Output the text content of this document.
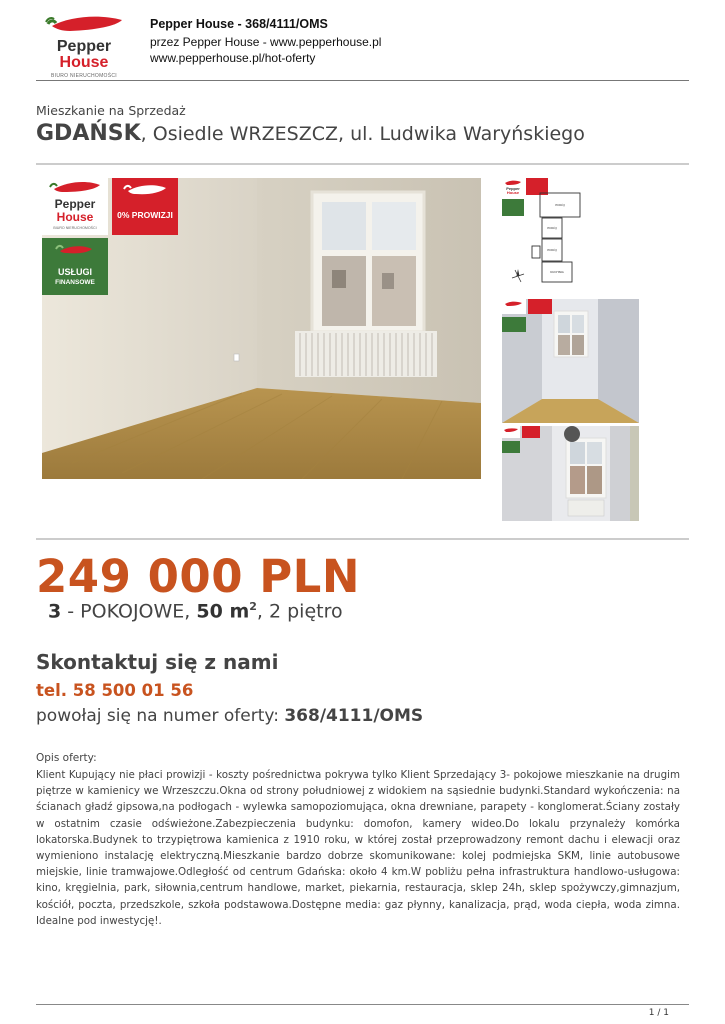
Pepper
House
BIURO NIERUCHOMOŚCI
Pepper House - 368/4111/OMS
przez Pepper House - www.pepperhouse.pl
www.pepperhouse.pl/hot-oferty
Mieszkanie na Sprzedaż
GDAŃSK, Osiedle WRZESZCZ, ul. Ludwika Waryńskiego
Pepper
House
BIURO NIERUCHOMOŚCI
0% PROWIZJI
USŁUGI
FINANSOWE
Pepper
House
POKÓJ
POKÓJ
POKÓJ
KUCHNIA
249 000 PLN
3 - POKOJOWE, 50 $m^2$, 2 piętro
Skontaktuj się z nami
tel. 58 500 01 56
powołaj się na numer oferty: 368/4111/OMS
Opis oferty:
Klient Kupujący nie płaci prowizji - koszty pośrednictwa pokrywa tylko Klient Sprzedający 3- pokojowe mieszkanie na drugim piętrze w kamienicy we Wrzeszczu.Okna od strony południowej z widokiem na sąsiednie budynki.Standard wykończenia: na ścianach gładź gipsowa,na podłogach - wylewka samopoziomująca, okna drewniane, parapety - konglomerat.Ściany zostały w ostatnim czasie odświeżone.Zabezpieczenia budynku: domofon, kamery wideo.Do lokalu przynależy komórka lokatorska.Budynek to trzypiętrowa kamienica z 1910 roku, w której został przeprowadzony remont dachu i elewacji oraz wymieniono instalację elektryczną.Mieszkanie bardzo dobrze skomunikowane: kolej podmiejska SKM, linie autobusowe miejskie, linie tramwajowe.Odległość od centrum Gdańska: około 4 km.W pobliżu pełna infrastruktura handlowo-usługowa: kino, kręgielnia, park, siłownia,centrum handlowe, market, piekarnia, restauracja, sklep 24h, sklep spożywczy,gimnazjum, kościół, poczta, przedszkole, szkoła podstawowa.Dostępne media: gaz płynny, kanalizacja, prąd, woda ciepła, woda zimna. Idealne pod inwestycję!.
1 / 1
